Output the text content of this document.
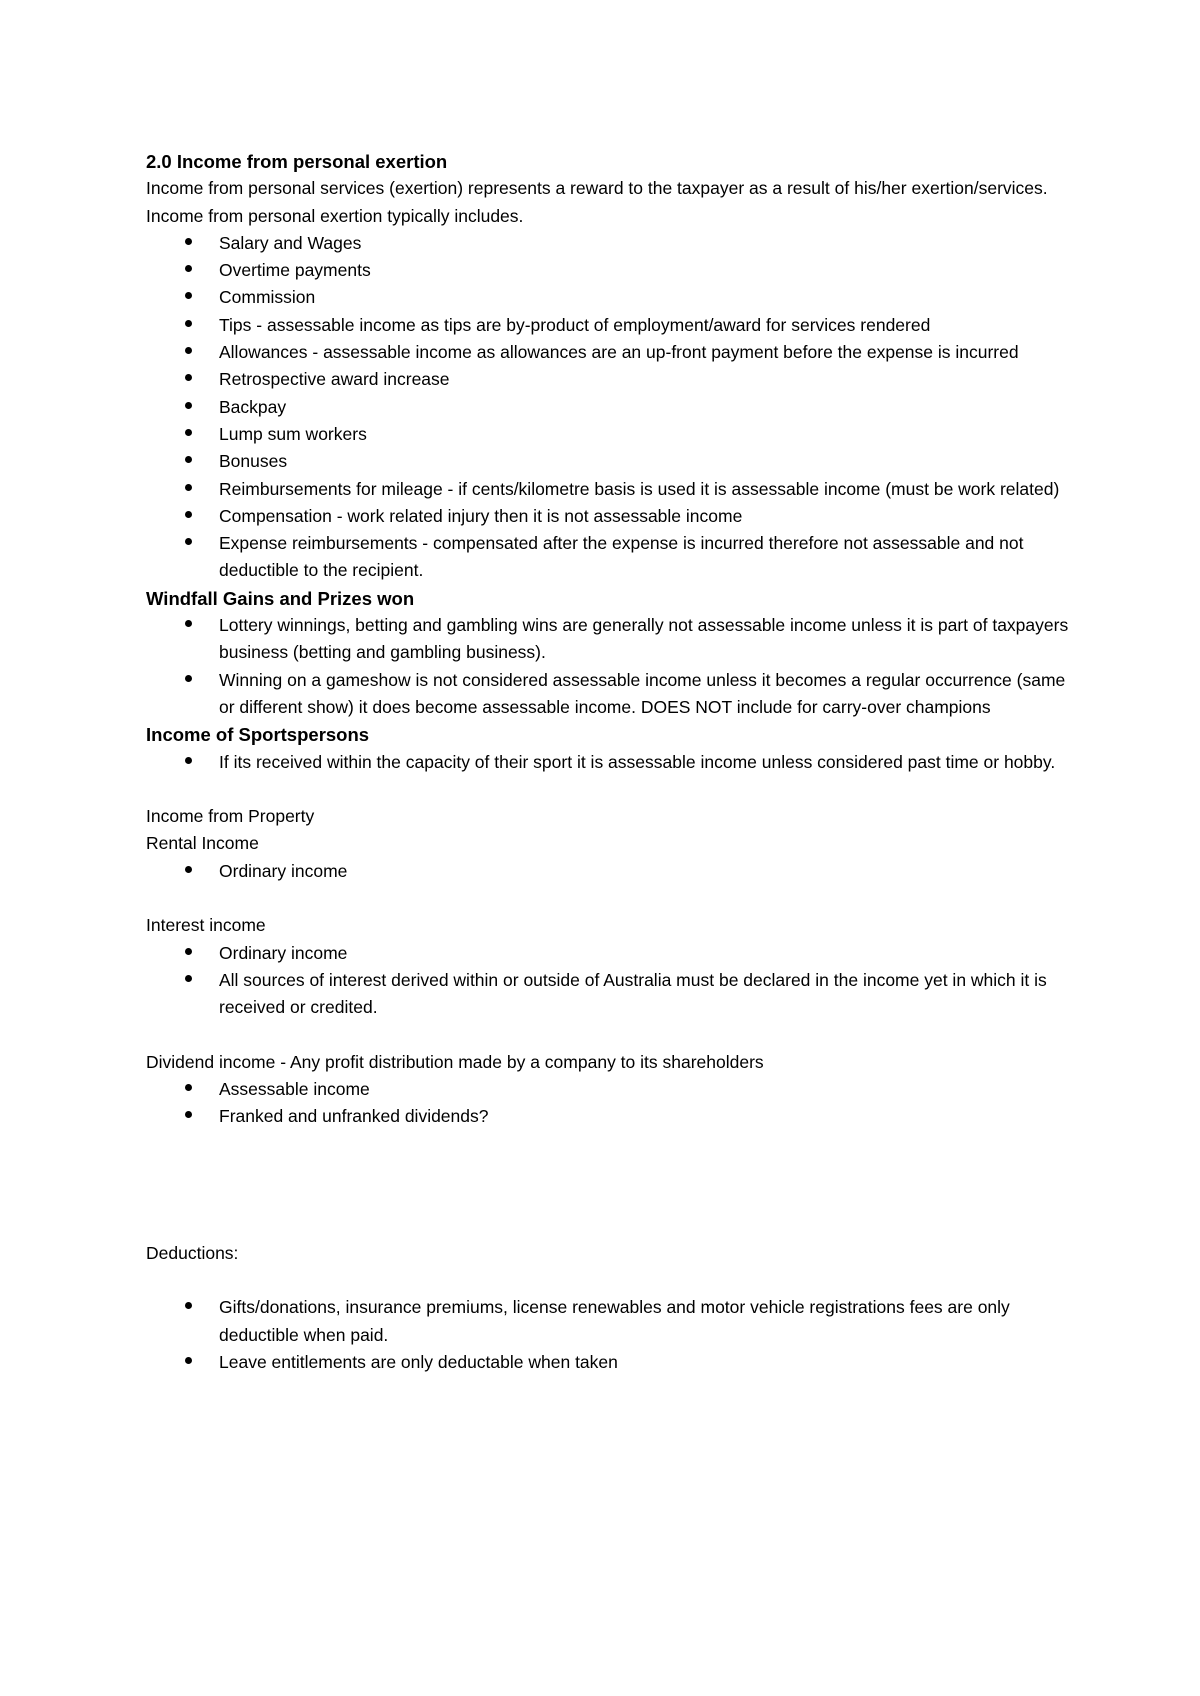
2.0 Income from personal exertion

Income from personal services (exertion) represents a reward to the taxpayer as a result of his/her exertion/services. Income from personal exertion typically includes.

Salary and Wages
Overtime payments
Commission
Tips - assessable income as tips are by-product of employment/award for services rendered
Allowances - assessable income as allowances are an up-front payment before the expense is incurred
Retrospective award increase
Backpay
Lump sum workers
Bonuses
Reimbursements for mileage - if cents/kilometre basis is used it is assessable income (must be work related)
Compensation - work related injury then it is not assessable income
Expense reimbursements - compensated after the expense is incurred therefore not assessable and not deductible to the recipient.

Windfall Gains and Prizes won

Lottery winnings, betting and gambling wins are generally not assessable income unless it is part of taxpayers business (betting and gambling business).
Winning on a gameshow is not considered assessable income unless it becomes a regular occurrence (same or different show) it does become assessable income. DOES NOT include for carry-over champions

Income of Sportspersons

If its received within the capacity of their sport it is assessable income unless considered past time or hobby.

Income from Property

Rental Income

Ordinary income

Interest income

Ordinary income
All sources of interest derived within or outside of Australia must be declared in the income yet in which it is received or credited.

Dividend income - Any profit distribution made by a company to its shareholders

Assessable income
Franked and unfranked dividends?

Deductions:

Gifts/donations, insurance premiums, license renewables and motor vehicle registrations fees are only deductible when paid.
Leave entitlements are only deductable when taken
